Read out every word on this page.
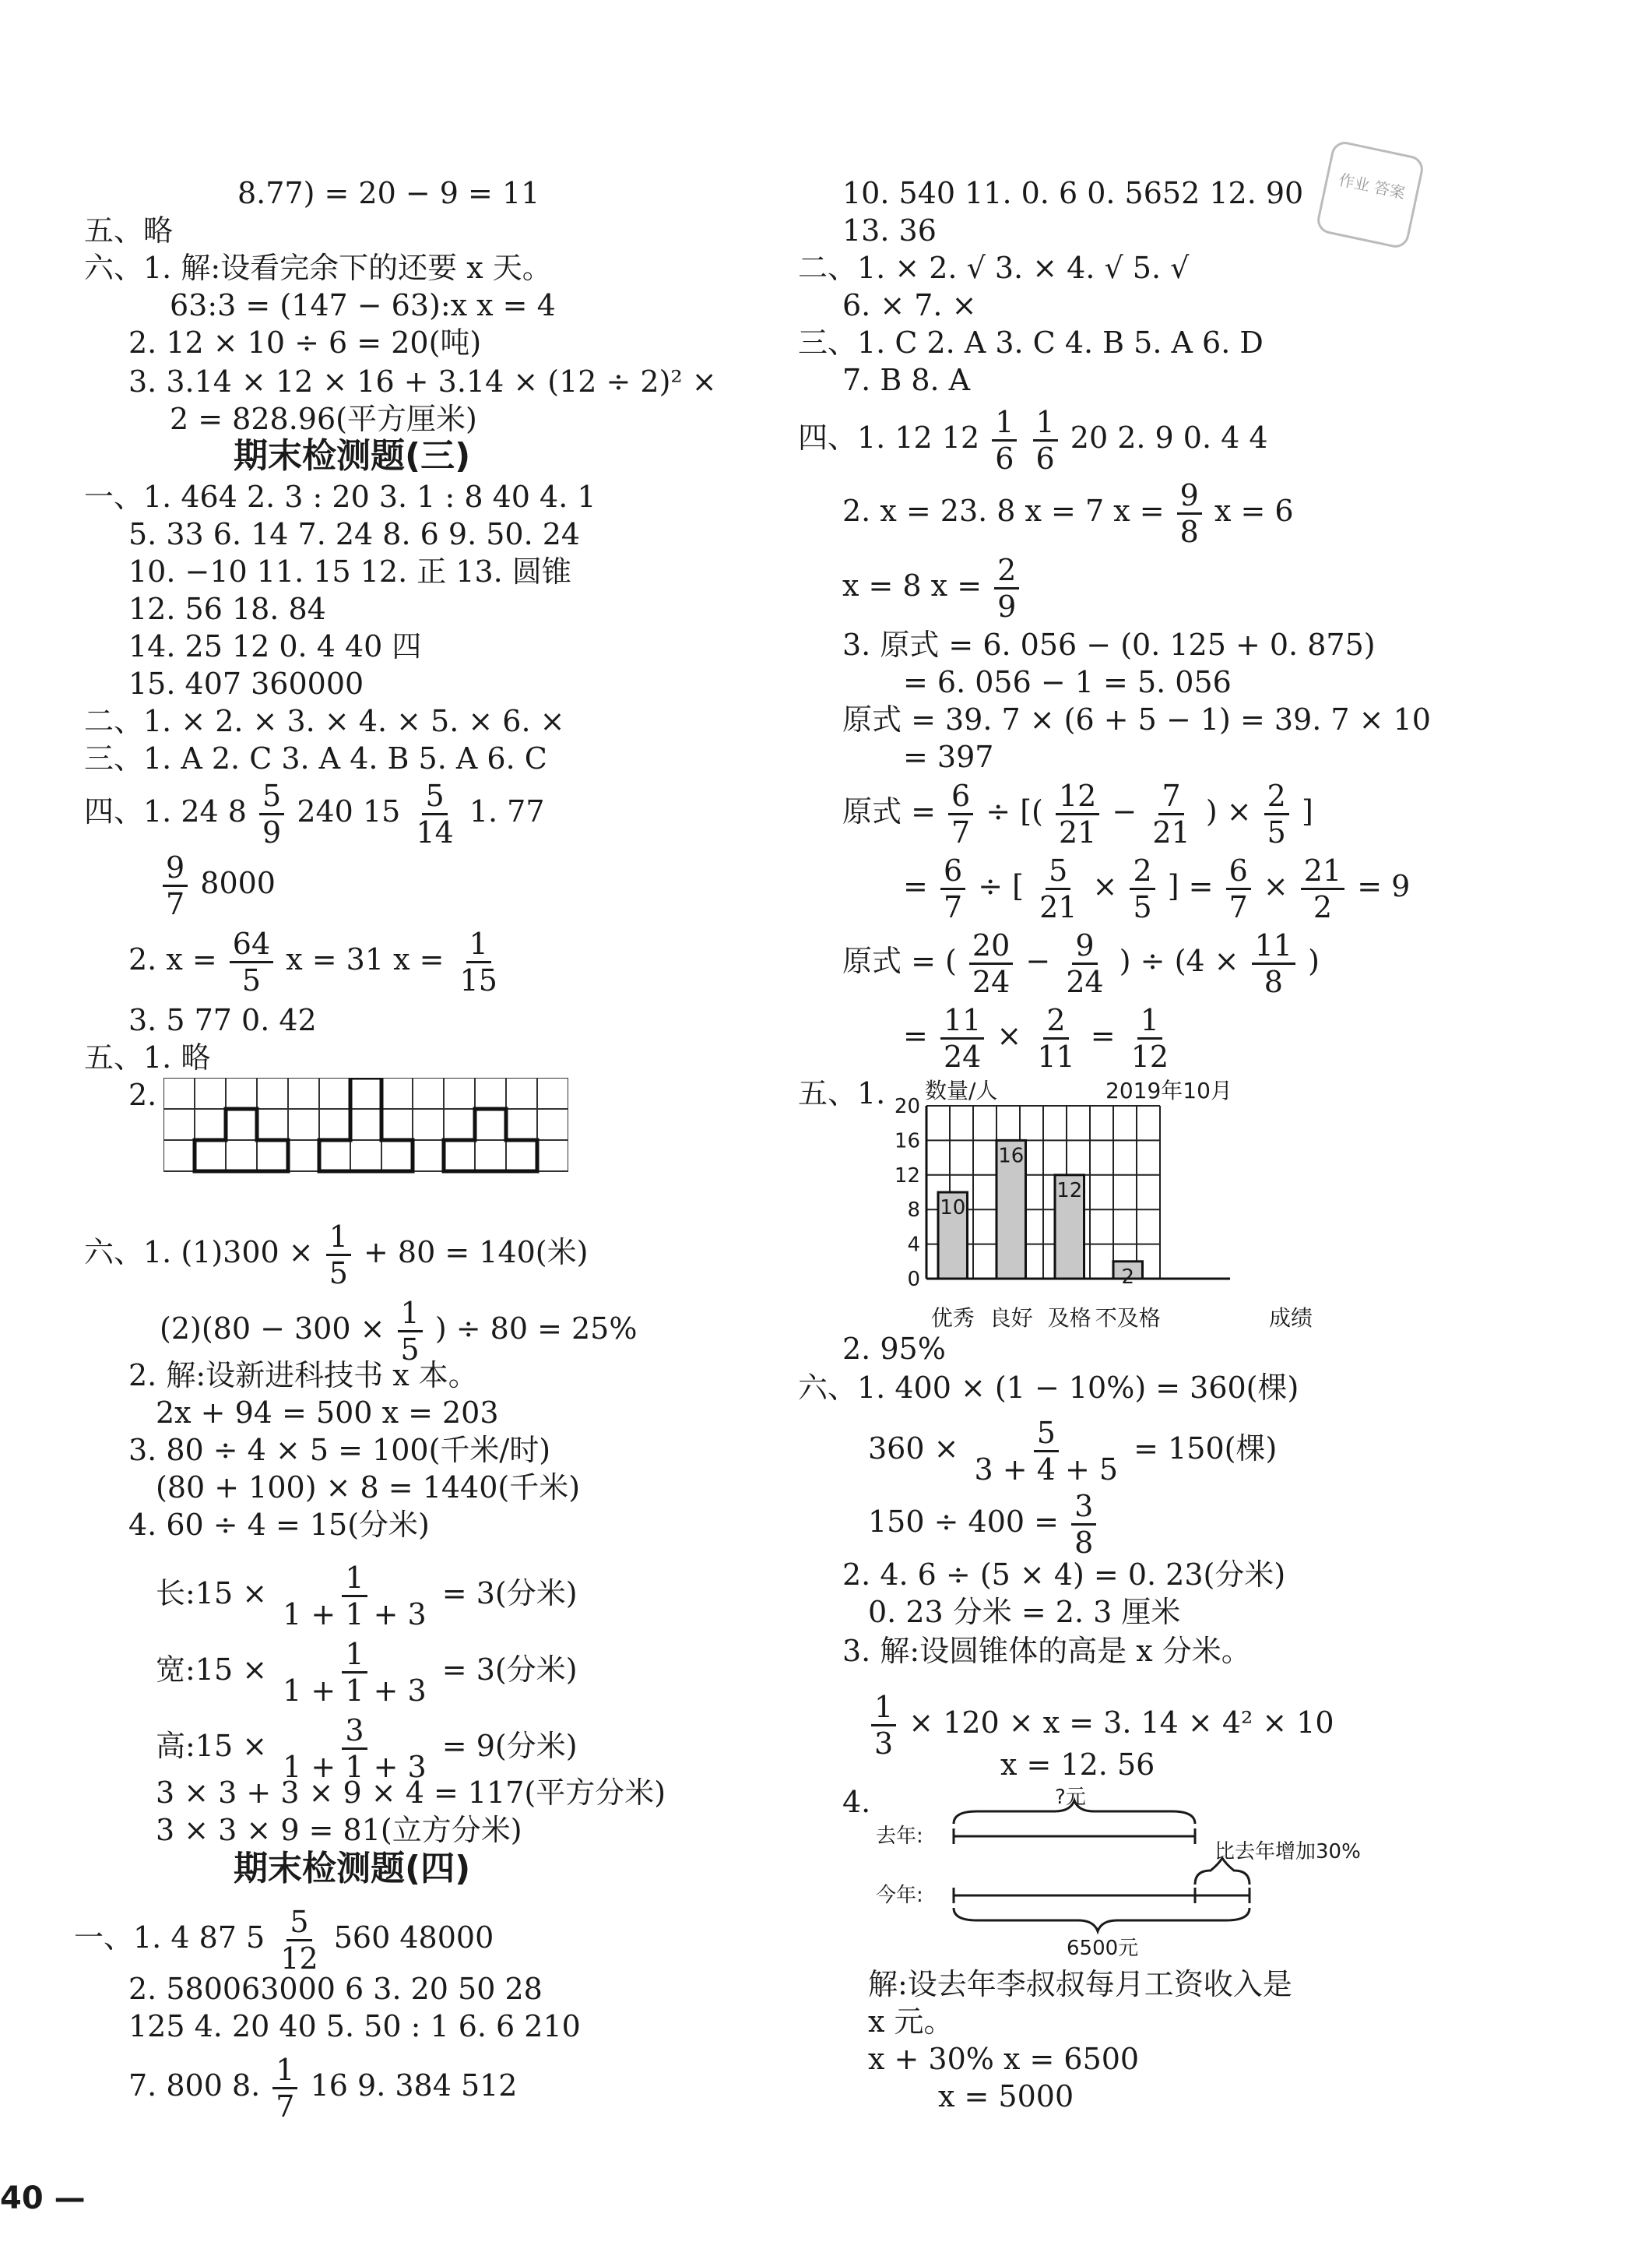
8.77) = 20 − 9 = 11
五、略
六、1. 解:设看完余下的还要 x 天。
63:3 = (147 − 63):x x = 4
2. 12 × 10 ÷ 6 = 20(吨)
3. 3.14 × 12 × 16 + 3.14 × (12 ÷ 2)² ×
2 = 828.96(平方厘米)
期末检测题(三)
一、1. 464 2. 3 : 20 3. 1 : 8 40 4. 1
5. 33 6. 14 7. 24 8. 6 9. 50. 24
10. −10 11. 15 12. 正 13. 圆锥
12. 56 18. 84
14. 25 12 0. 4 40 四
15. 407 360000
二、1. × 2. × 3. × 4. × 5. × 6. ×
三、1. A 2. C 3. A 4. B 5. A 6. C
四、1. 24 $8 \frac{5}{9} 240$ $15 \frac{5}{14} 1$. 77
$\frac{9}{7} 8000$
2. $x = \frac{64}{5}$ x = 31 $x = \frac{1}{15}$
3. 5 77 0. 42
五、1. 略
2.
六、1. $(1)300 \times \frac{1}{5} + 80 = 140$(米)
$(2)(80 - 300 \times \frac{1}{5}$ ) ÷ 80 = 25%
2. 解:设新进科技书 x 本。
2x + 94 = 500 x = 203
3. 80 ÷ 4 × 5 = 100(千米/时)
(80 + 100) × 8 = 1440(千米)
4. 60 ÷ 4 = 15(分米)
长:15 × $\frac{1}{1 + 1 + 3} = 3$(分米)
宽:15 × $\frac{1}{1 + 1 + 3} = 3$(分米)
高:15 × $\frac{3}{1 + 1 + 3} = 9$(分米)
3 × 3 + 3 × 9 × 4 = 117(平方分米)
3 × 3 × 9 = 81(立方分米)
期末检测题(四)
一、1. 4 87 $5 \frac{5}{12} 560$ 48000
2. 580063000 6 3. 20 50 28
125 4. 20 40 5. 50 : 1 6. 6 210
7. 800 8. $\frac{1}{7} 16$ 9. 384 512
10. 540 11. 0. 6 0. 5652 12. 90
13. 36
二、1. × 2. √ 3. × 4. √ 5. √
6. × 7. ×
三、1. C 2. A 3. C 4. B 5. A 6. D
7. B 8. A
四、1. 12 $12 \frac{1}{6}$
$\frac{1}{6} 20$ 2. 9 0. 4 4
2. x = 23. 8 x = 7 $x = \frac{9}{8}$ x = 6
x = 8 $x = \frac{2}{9}$
3. 原式 = 6. 056 − (0. 125 + 0. 875)
= 6. 056 − 1 = 5. 056
原式 = 39. 7 × (6 + 5 − 1) = 39. 7 × 10
= 397
原式 = $\frac{6}{7}$ ÷ [( $\frac{12}{21} - \frac{7}{21}$ ) × $\frac{2}{5}$ ]
= $\frac{6}{7}$ ÷ [ $\frac{5}{21} \times \frac{2}{5}$ ] = $\frac{6}{7} \times \frac{21}{2} = 9$
原式 = ( $\frac{20}{24} - \frac{9}{24}$ ) ÷ ($4 \times \frac{11}{8}$ )
= $\frac{11}{24} \times \frac{2}{11} = \frac{1}{12}$
五、1. 数量/人	2019年10月
0
4
8
12
16
20
10
优秀
16
良好
12
及格
2
不及格	成绩
2. 95%
六、1. 400 × (1 − 10%) = 360(棵)
$360 \times \frac{5}{3 + 4 + 5} = 150$(棵)
$150 \div 400 = \frac{3}{8}$
2. 4. 6 ÷ (5 × 4) = 0. 23(分米)
0. 23 分米 = 2. 3 厘米
3. 解:设圆锥体的高是 x 分米。
$\frac{1}{3} \times 120 \times x = 3$. 14 × 4² × 10
x = 12. 56
4.	?元
去年:
比去年增加30%
今年:
6500元
解:设去年李叔叔每月工资收入是
x 元。
x + 30% x = 6500
x = 5000
作业 答案
40 —
